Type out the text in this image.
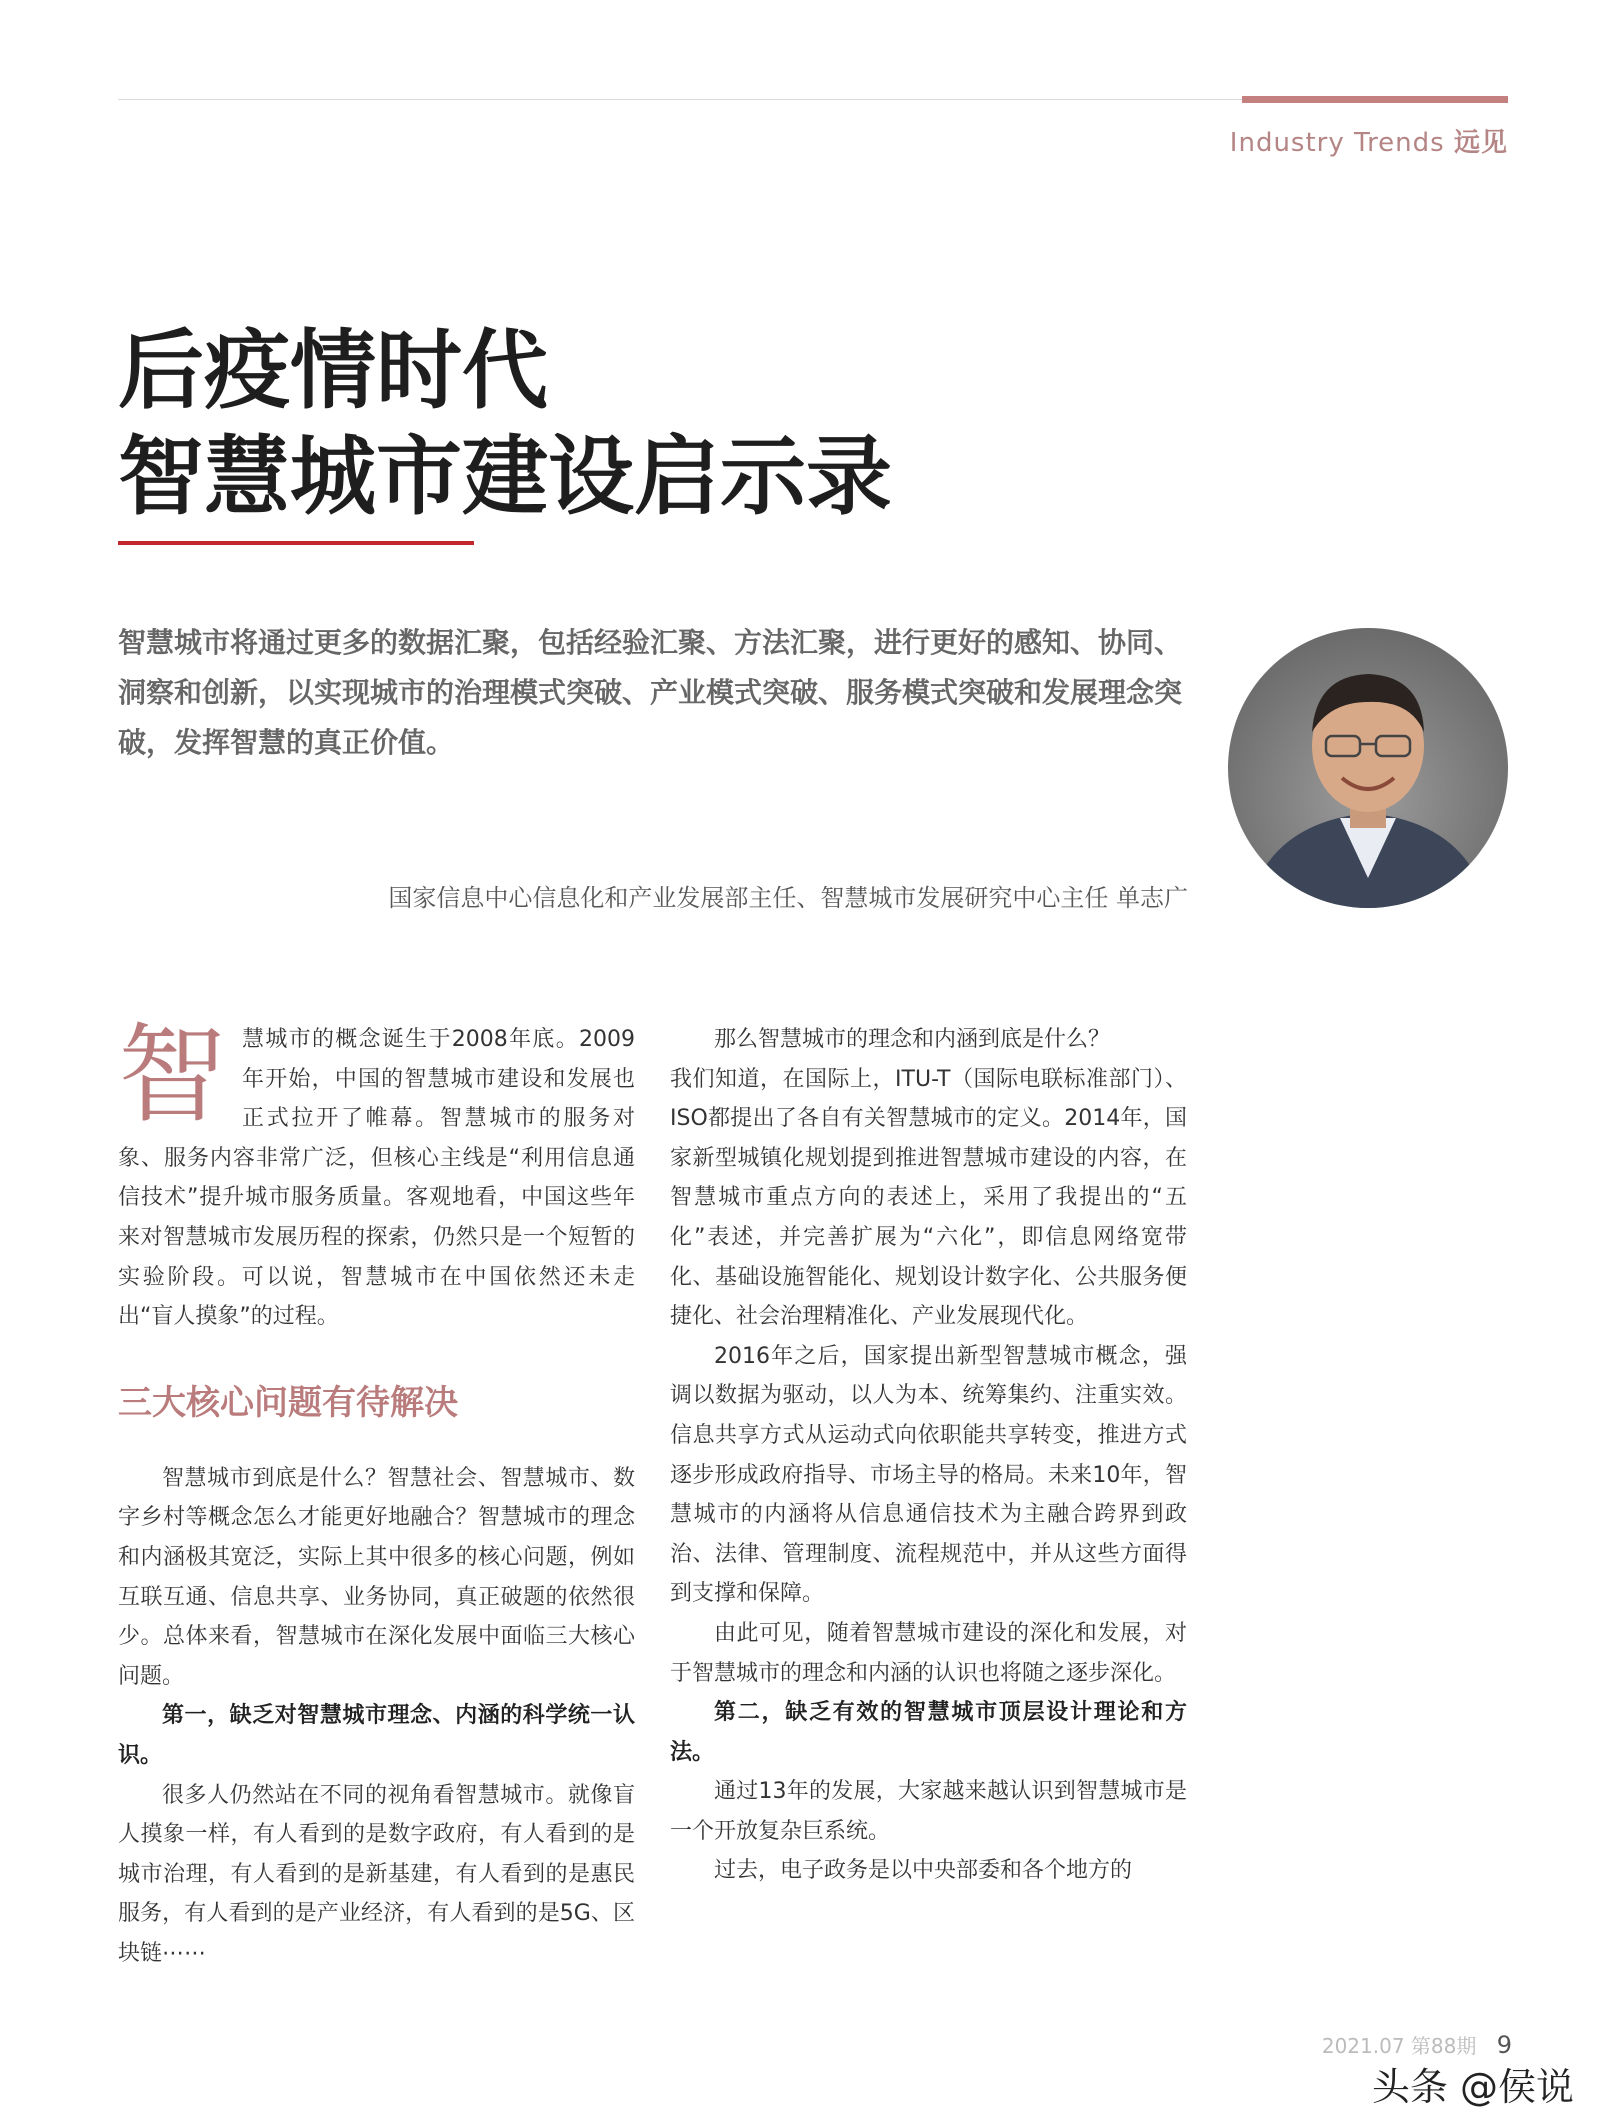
Industry Trends 远见
后疫情时代
智慧城市建设启示录

智慧城市将通过更多的数据汇聚，包括经验汇聚、方法汇聚，进行更好的感知、协同、洞察和创新，以实现城市的治理模式突破、产业模式突破、服务模式突破和发展理念突破，发挥智慧的真正价值。

国家信息中心信息化和产业发展部主任、智慧城市发展研究中心主任 单志广

智慧城市的概念诞生于2008年底。2009年开始，中国的智慧城市建设和发展也正式拉开了帷幕。智慧城市的服务对象、服务内容非常广泛，但核心主线是“利用信息通信技术”提升城市服务质量。客观地看，中国这些年来对智慧城市发展历程的探索，仍然只是一个短暂的实验阶段。可以说，智慧城市在中国依然还未走出“盲人摸象”的过程。

三大核心问题有待解决

智慧城市到底是什么？智慧社会、智慧城市、数字乡村等概念怎么才能更好地融合？智慧城市的理念和内涵极其宽泛，实际上其中很多的核心问题，例如互联互通、信息共享、业务协同，真正破题的依然很少。总体来看，智慧城市在深化发展中面临三大核心问题。

第一，缺乏对智慧城市理念、内涵的科学统一认识。

很多人仍然站在不同的视角看智慧城市。就像盲人摸象一样，有人看到的是数字政府，有人看到的是城市治理，有人看到的是新基建，有人看到的是惠民服务，有人看到的是产业经济，有人看到的是5G、区块链⋯⋯

那么智慧城市的理念和内涵到底是什么？

我们知道，在国际上，ITU-T（国际电联标准部门）、ISO都提出了各自有关智慧城市的定义。2014年，国家新型城镇化规划提到推进智慧城市建设的内容，在智慧城市重点方向的表述上，采用了我提出的“五化”表述，并完善扩展为“六化”，即信息网络宽带化、基础设施智能化、规划设计数字化、公共服务便捷化、社会治理精准化、产业发展现代化。

2016年之后，国家提出新型智慧城市概念，强调以数据为驱动，以人为本、统筹集约、注重实效。信息共享方式从运动式向依职能共享转变，推进方式逐步形成政府指导、市场主导的格局。未来10年，智慧城市的内涵将从信息通信技术为主融合跨界到政治、法律、管理制度、流程规范中，并从这些方面得到支撑和保障。

由此可见，随着智慧城市建设的深化和发展，对于智慧城市的理念和内涵的认识也将随之逐步深化。

第二，缺乏有效的智慧城市顶层设计理论和方法。

通过13年的发展，大家越来越认识到智慧城市是一个开放复杂巨系统。

过去，电子政务是以中央部委和各个地方的

2021.07 第88期 9
头条 @侯说
